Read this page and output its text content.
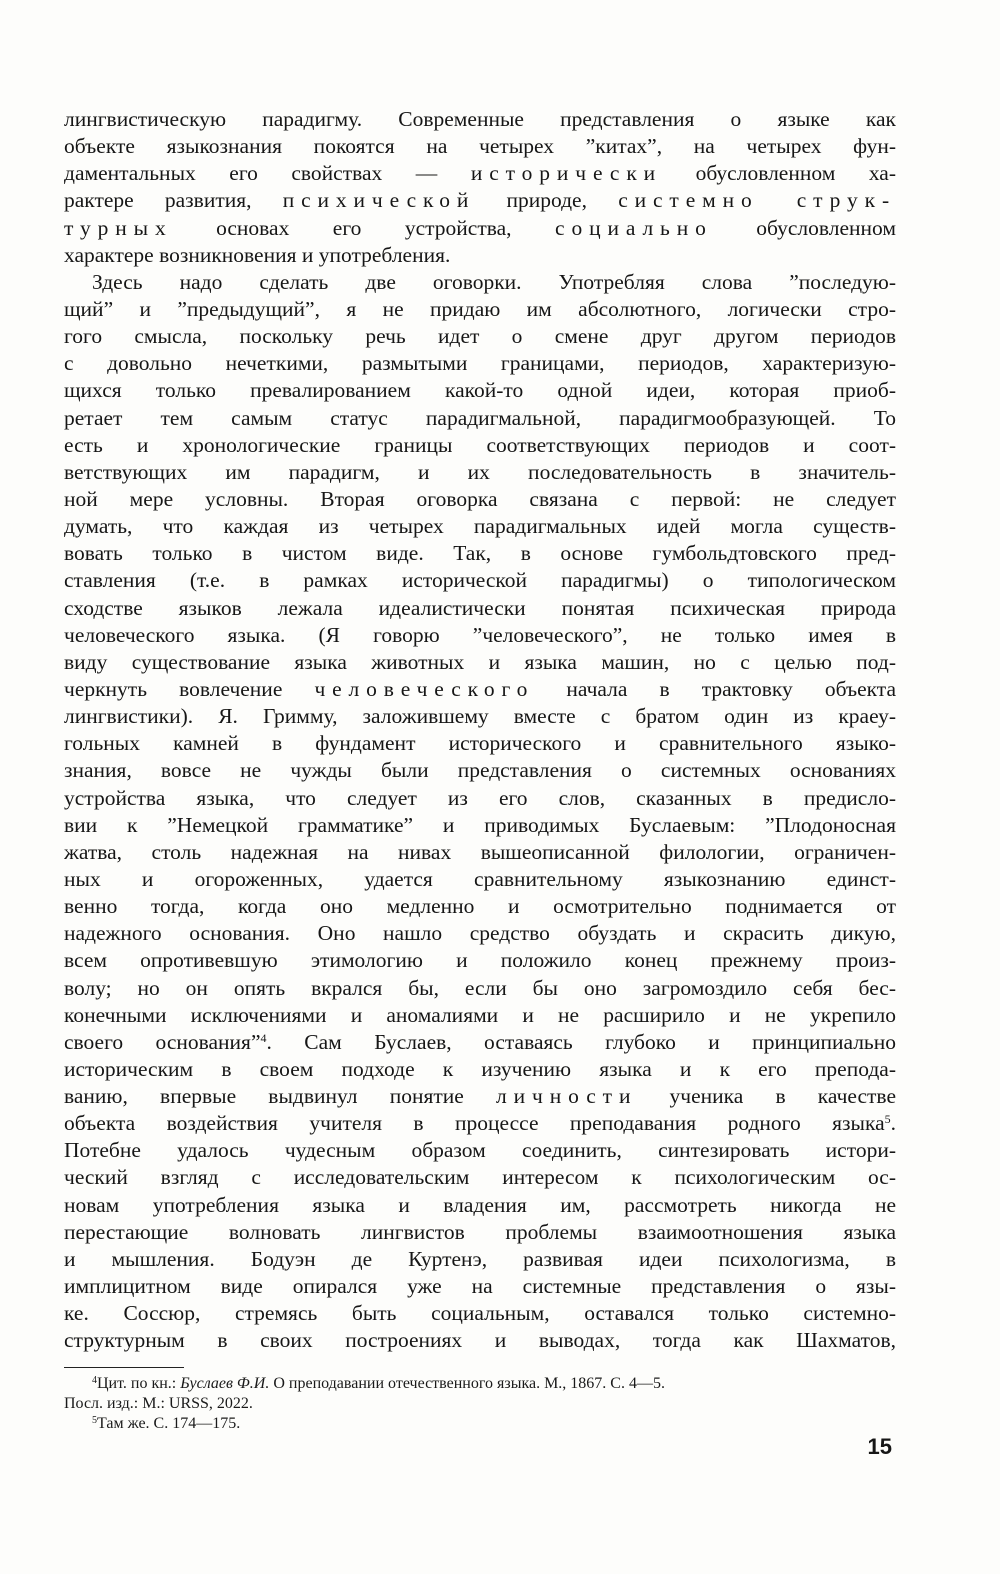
лингвистическую парадигму. Современные представления о языке как
объекте языкознания покоятся на четырех ”китах”, на четырех фун-
даментальных его свойствах — исторически обусловленном ха-
рактере развития, психической природе, системно струк-
турных основах его устройства, социально обусловленном
характере возникновения и употребления.
Здесь надо сделать две оговорки. Употребляя слова ”последую-
щий” и ”предыдущий”, я не придаю им абсолютного, логически стро-
гого смысла, поскольку речь идет о смене друг другом периодов
с довольно нечеткими, размытыми границами, периодов, характеризую-
щихся только превалированием какой-то одной идеи, которая приоб-
ретает тем самым статус парадигмальной, парадигмообразующей. То
есть и хронологические границы соответствующих периодов и соот-
ветствующих им парадигм, и их последовательность в значитель-
ной мере условны. Вторая оговорка связана с первой: не следует
думать, что каждая из четырех парадигмальных идей могла существ-
вовать только в чистом виде. Так, в основе гумбольдтовского пред-
ставления (т.е. в рамках исторической парадигмы) о типологическом
сходстве языков лежала идеалистически понятая психическая природа
человеческого языка. (Я говорю ”человеческого”, не только имея в
виду существование языка животных и языка машин, но с целью под-
черкнуть вовлечение человеческого начала в трактовку объекта
лингвистики). Я. Гримму, заложившему вместе с братом один из краеу-
гольных камней в фундамент исторического и сравнительного языко-
знания, вовсе не чужды были представления о системных основаниях
устройства языка, что следует из его слов, сказанных в предисло-
вии к ”Немецкой грамматике” и приводимых Буслаевым: ”Плодоносная
жатва, столь надежная на нивах вышеописанной филологии, ограничен-
ных и огороженных, удается сравнительному языкознанию единст-
венно тогда, когда оно медленно и осмотрительно поднимается от
надежного основания. Оно нашло средство обуздать и скрасить дикую,
всем опротивевшую этимологию и положило конец прежнему произ-
волу; но он опять вкрался бы, если бы оно загромоздило себя бес-
конечными исключениями и аномалиями и не расширило и не укрепило
своего основания”$^4$. Сам Буслаев, оставаясь глубоко и принципиально
историческим в своем подходе к изучению языка и к его препода-
ванию, впервые выдвинул понятие личности ученика в качестве
объекта воздействия учителя в процессе преподавания родного языка$^5$.
Потебне удалось чудесным образом соединить, синтезировать истори-
ческий взгляд с исследовательским интересом к психологическим ос-
новам употребления языка и владения им, рассмотреть никогда не
перестающие волновать лингвистов проблемы взаимоотношения языка
и мышления. Бодуэн де Куртенэ, развивая идеи психологизма, в
имплицитном виде опирался уже на системные представления о язы-
ке. Соссюр, стремясь быть социальным, оставался только системно-
структурным в своих построениях и выводах, тогда как Шахматов,
$^4$Цит. по кн.: Буслаев Ф.И. О преподавании отечественного языка. М., 1867. С. 4—5.
Посл. изд.: М.: URSS, 2022.
$^5$Там же. С. 174—175.
15
